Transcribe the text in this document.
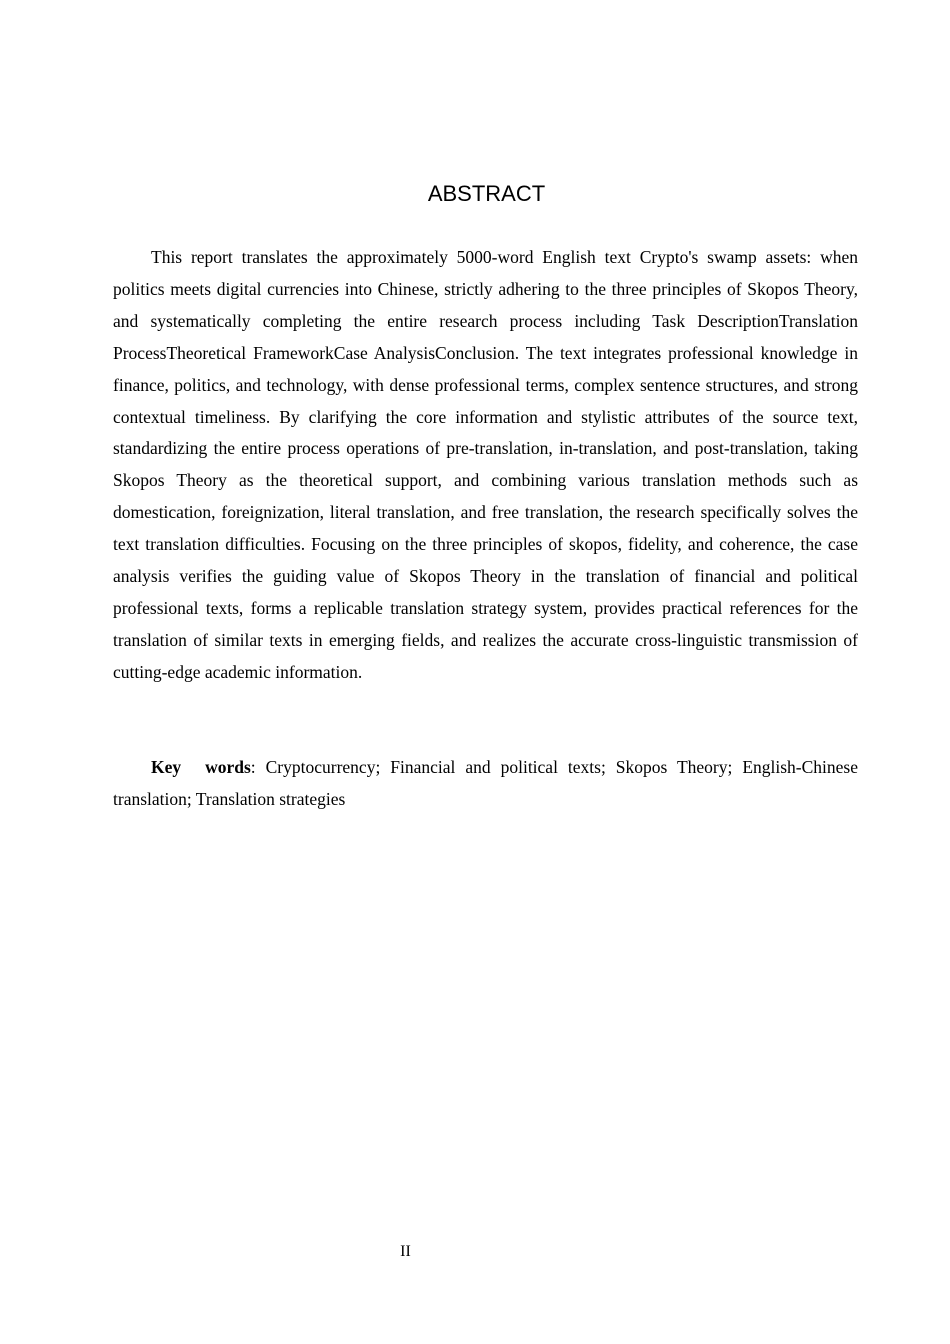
ABSTRACT

This report translates the approximately 5000-word English text Crypto's swamp assets: when politics meets digital currencies into Chinese, strictly adhering to the three principles of Skopos Theory, and systematically completing the entire research process including Task DescriptionTranslation ProcessTheoretical FrameworkCase AnalysisConclusion. The text integrates professional knowledge in finance, politics, and technology, with dense professional terms, complex sentence structures, and strong contextual timeliness. By clarifying the core information and stylistic attributes of the source text, standardizing the entire process operations of pre-translation, in-translation, and post-translation, taking Skopos Theory as the theoretical support, and combining various translation methods such as domestication, foreignization, literal translation, and free translation, the research specifically solves the text translation difficulties. Focusing on the three principles of skopos, fidelity, and coherence, the case analysis verifies the guiding value of Skopos Theory in the translation of financial and political professional texts, forms a replicable translation strategy system, provides practical references for the translation of similar texts in emerging fields, and realizes the accurate cross-linguistic transmission of cutting-edge academic information.

Key words: Cryptocurrency; Financial and political texts; Skopos Theory; English-Chinese translation; Translation strategies

II
